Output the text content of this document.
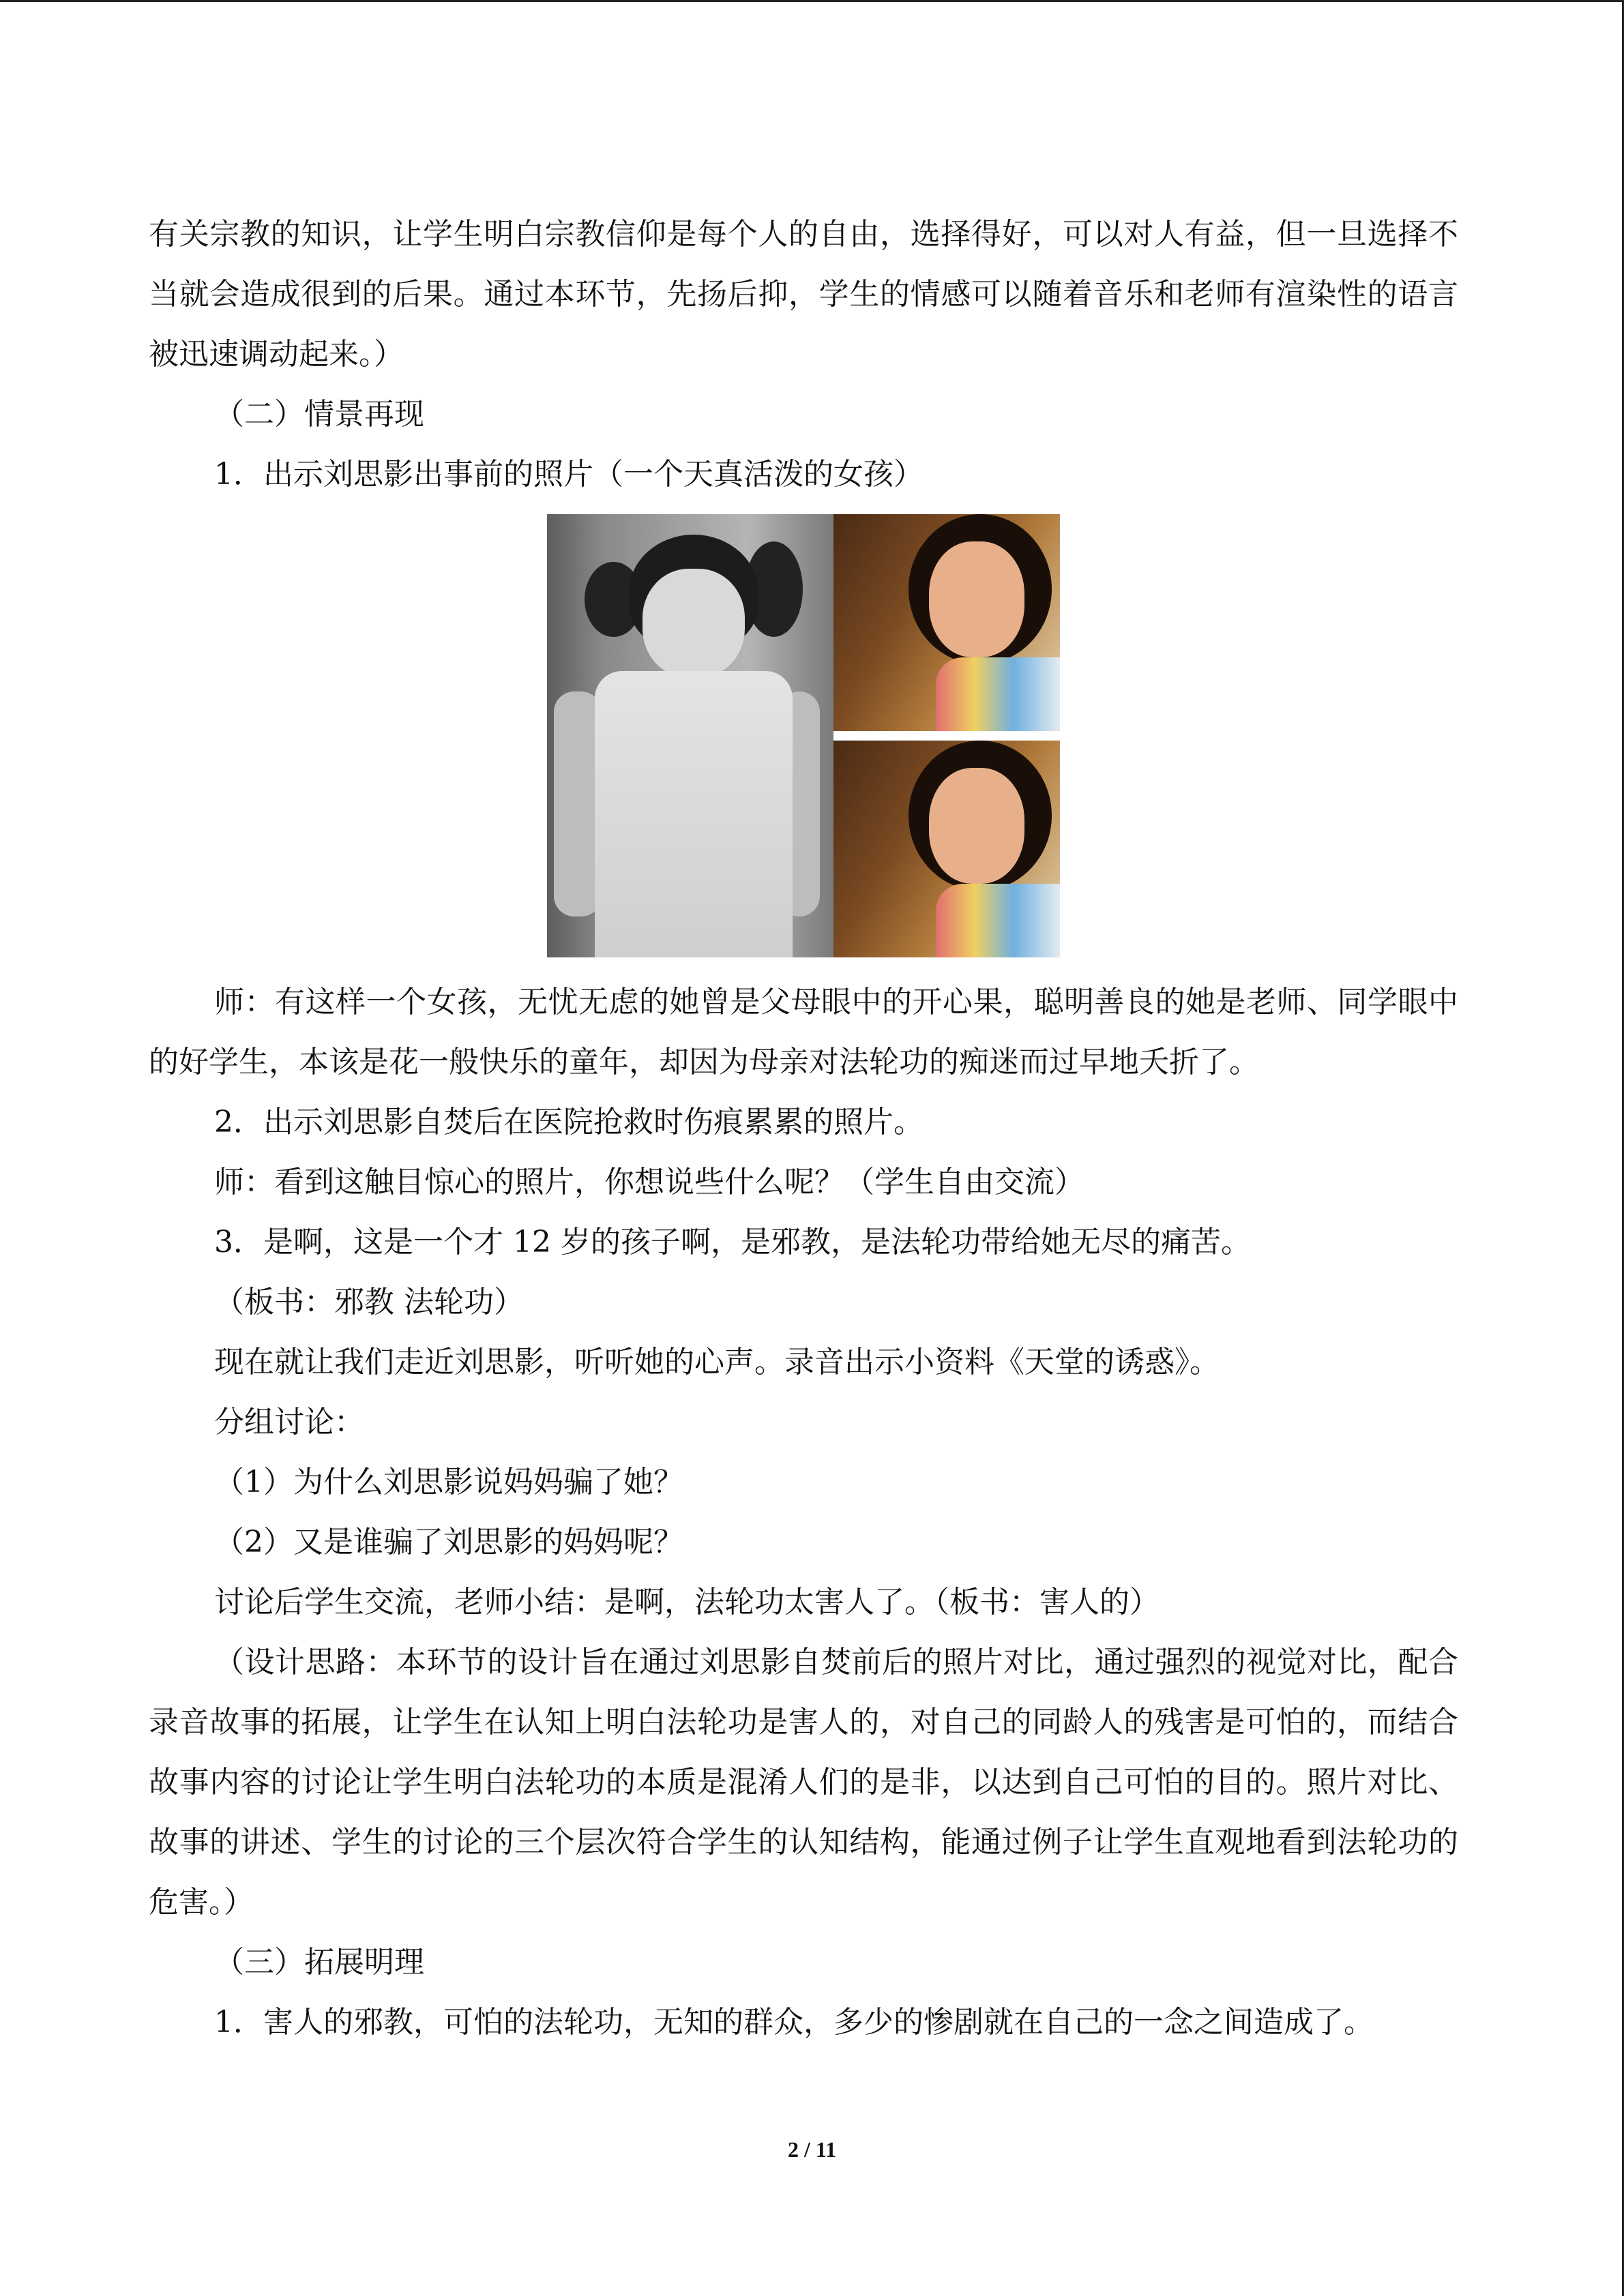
有关宗教的知识，让学生明白宗教信仰是每个人的自由，选择得好，可以对人有益，但一旦选择不当就会造成很到的后果。通过本环节，先扬后抑，学生的情感可以随着音乐和老师有渲染性的语言被迅速调动起来。）

（二）情景再现

1．出示刘思影出事前的照片（一个天真活泼的女孩）

师：有这样一个女孩，无忧无虑的她曾是父母眼中的开心果，聪明善良的她是老师、同学眼中的好学生，本该是花一般快乐的童年，却因为母亲对法轮功的痴迷而过早地夭折了。

2．出示刘思影自焚后在医院抢救时伤痕累累的照片。

师：看到这触目惊心的照片，你想说些什么呢？（学生自由交流）

3．是啊，这是一个才 12 岁的孩子啊，是邪教，是法轮功带给她无尽的痛苦。

（板书：邪教 法轮功）

现在就让我们走近刘思影，听听她的心声。录音出示小资料《天堂的诱惑》。

分组讨论：

（1）为什么刘思影说妈妈骗了她？

（2）又是谁骗了刘思影的妈妈呢？

讨论后学生交流，老师小结：是啊，法轮功太害人了。（板书：害人的）

（设计思路：本环节的设计旨在通过刘思影自焚前后的照片对比，通过强烈的视觉对比，配合录音故事的拓展，让学生在认知上明白法轮功是害人的，对自己的同龄人的残害是可怕的，而结合故事内容的讨论让学生明白法轮功的本质是混淆人们的是非，以达到自己可怕的目的。照片对比、故事的讲述、学生的讨论的三个层次符合学生的认知结构，能通过例子让学生直观地看到法轮功的危害。）

（三）拓展明理

1．害人的邪教，可怕的法轮功，无知的群众，多少的惨剧就在自己的一念之间造成了。

2 / 11
